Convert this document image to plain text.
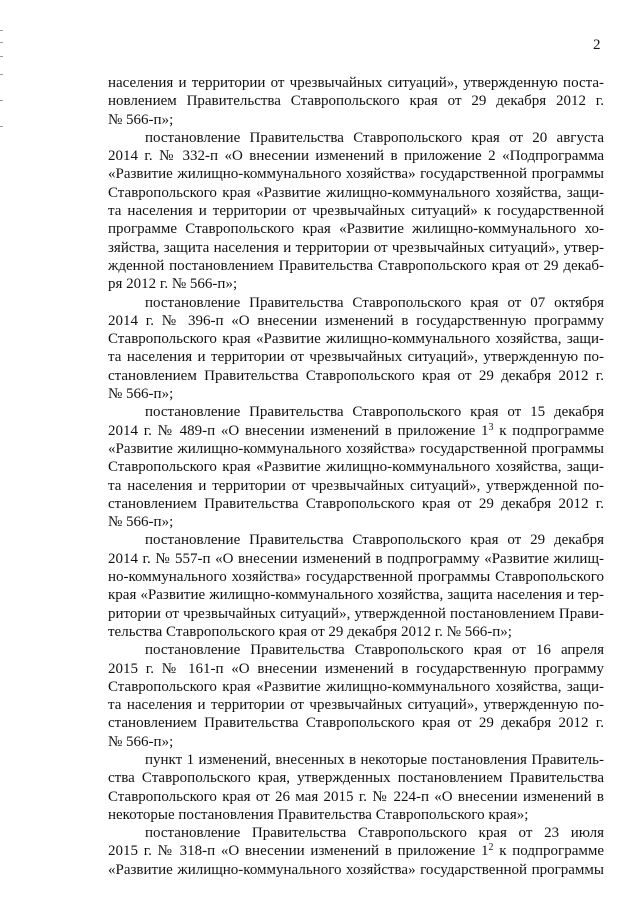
2
населения и территории от чрезвычайных ситуаций», утвержденную поста-
новлением Правительства Ставропольского края от 29 декабря 2012 г.
№ 566-п»;
постановление Правительства Ставропольского края от 20 августа
2014 г. № 332-п «О внесении изменений в приложение 2 «Подпрограмма
«Развитие жилищно-коммунального хозяйства» государственной программы
Ставропольского края «Развитие жилищно-коммунального хозяйства, защи-
та населения и территории от чрезвычайных ситуаций» к государственной
программе Ставропольского края «Развитие жилищно-коммунального хо-
зяйства, защита населения и территории от чрезвычайных ситуаций», утвер-
жденной постановлением Правительства Ставропольского края от 29 декаб-
ря 2012 г. № 566-п»;
постановление Правительства Ставропольского края от 07 октября
2014 г. № 396-п «О внесении изменений в государственную программу
Ставропольского края «Развитие жилищно-коммунального хозяйства, защи-
та населения и территории от чрезвычайных ситуаций», утвержденную по-
становлением Правительства Ставропольского края от 29 декабря 2012 г.
№ 566-п»;
постановление Правительства Ставропольского края от 15 декабря
2014 г. № 489-п «О внесении изменений в приложение $1^3$ к подпрограмме
«Развитие жилищно-коммунального хозяйства» государственной программы
Ставропольского края «Развитие жилищно-коммунального хозяйства, защи-
та населения и территории от чрезвычайных ситуаций», утвержденной по-
становлением Правительства Ставропольского края от 29 декабря 2012 г.
№ 566-п»;
постановление Правительства Ставропольского края от 29 декабря
2014 г. № 557-п «О внесении изменений в подпрограмму «Развитие жилищ-
но-коммунального хозяйства» государственной программы Ставропольского
края «Развитие жилищно-коммунального хозяйства, защита населения и тер-
ритории от чрезвычайных ситуаций», утвержденной постановлением Прави-
тельства Ставропольского края от 29 декабря 2012 г. № 566-п»;
постановление Правительства Ставропольского края от 16 апреля
2015 г. № 161-п «О внесении изменений в государственную программу
Ставропольского края «Развитие жилищно-коммунального хозяйства, защи-
та населения и территории от чрезвычайных ситуаций», утвержденную по-
становлением Правительства Ставропольского края от 29 декабря 2012 г.
№ 566-п»;
пункт 1 изменений, внесенных в некоторые постановления Правитель-
ства Ставропольского края, утвержденных постановлением Правительства
Ставропольского края от 26 мая 2015 г. № 224-п «О внесении изменений в
некоторые постановления Правительства Ставропольского края»;
постановление Правительства Ставропольского края от 23 июля
2015 г. № 318-п «О внесении изменений в приложение $1^2$ к подпрограмме
«Развитие жилищно-коммунального хозяйства» государственной программы
